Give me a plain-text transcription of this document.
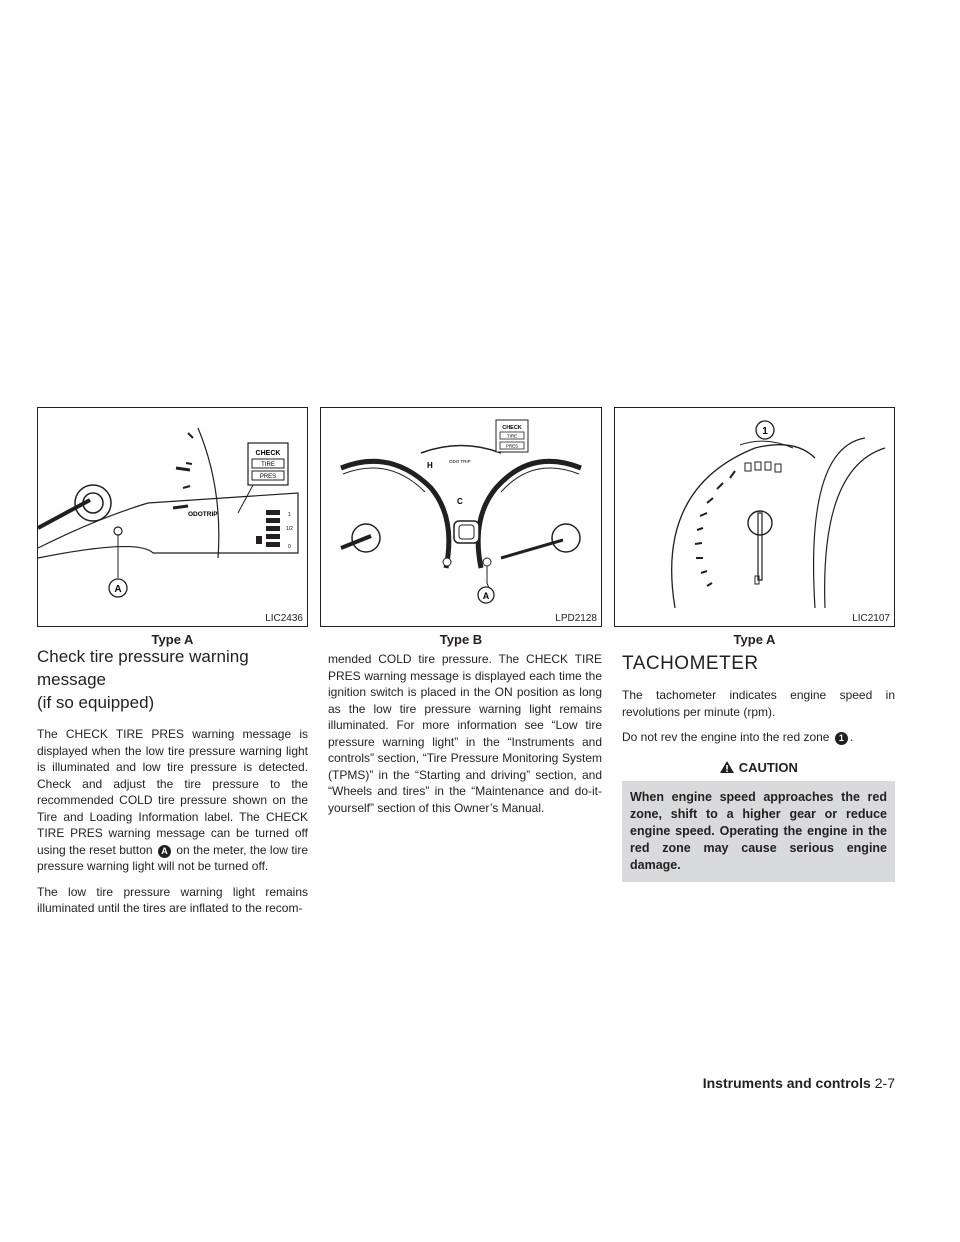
CHECK
TIRE
PRES
ODOTRIP	1
1/2
0
A
LIC2436
Type A
H
C
ODO TRIP
CHECK
TIRE
PRES
A
LPD2128
Type B
1
LIC2107
Type A
Check tire pressure warning message
(if so equipped)

The CHECK TIRE PRES warning message is displayed when the low tire pressure warning light is illuminated and low tire pressure is detected. Check and adjust the tire pressure to the recommended COLD tire pressure shown on the Tire and Loading Information label. The CHECK TIRE PRES warning message can be turned off using the reset button A on the meter, the low tire pressure warning light will not be turned off.

The low tire pressure warning light remains illuminated until the tires are inflated to the recom-

mended COLD tire pressure. The CHECK TIRE PRES warning message is displayed each time the ignition switch is placed in the ON position as long as the low tire pressure warning light remains illuminated. For more information see “Low tire pressure warning light” in the “Instruments and controls” section, “Tire Pressure Monitoring System (TPMS)” in the “Starting and driving” section, and “Wheels and tires” in the “Maintenance and do-it-yourself” section of this Owner’s Manual.

TACHOMETER

The tachometer indicates engine speed in revolutions per minute (rpm).

Do not rev the engine into the red zone 1 .

CAUTION
When engine speed approaches the red zone, shift to a higher gear or reduce engine speed. Operating the engine in the red zone may cause serious engine damage.
Instruments and controls 2-7
